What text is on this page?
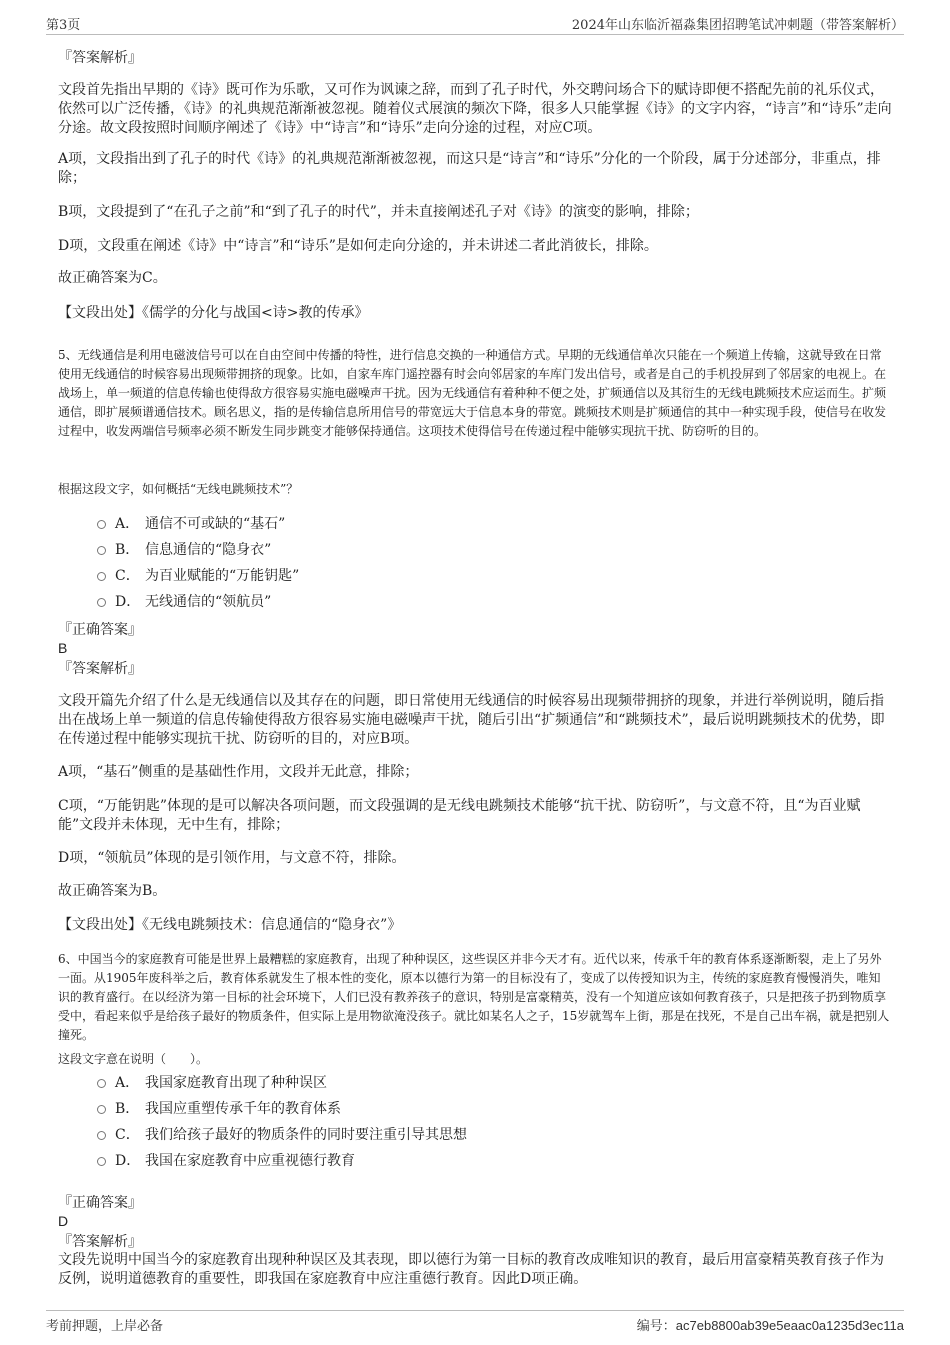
第3页	2024年山东临沂福淼集团招聘笔试冲刺题（带答案解析）
『答案解析』
文段首先指出早期的《诗》既可作为乐歌，又可作为讽谏之辞，而到了孔子时代，外交聘问场合下的赋诗即便不搭配先前的礼乐仪式，依然可以广泛传播，《诗》的礼典规范渐渐被忽视。随着仪式展演的频次下降，很多人只能掌握《诗》的文字内容，“诗言”和“诗乐”走向分途。故文段按照时间顺序阐述了《诗》中“诗言”和“诗乐”走向分途的过程，对应C项。
A项，文段指出到了孔子的时代《诗》的礼典规范渐渐被忽视，而这只是“诗言”和“诗乐”分化的一个阶段，属于分述部分，非重点，排除；
B项，文段提到了“在孔子之前”和“到了孔子的时代”，并未直接阐述孔子对《诗》的演变的影响，排除；
D项，文段重在阐述《诗》中“诗言”和“诗乐”是如何走向分途的，并未讲述二者此消彼长，排除。
故正确答案为C。
【文段出处】《儒学的分化与战国<诗>教的传承》
5、无线通信是利用电磁波信号可以在自由空间中传播的特性，进行信息交换的一种通信方式。早期的无线通信单次只能在一个频道上传输，这就导致在日常使用无线通信的时候容易出现频带拥挤的现象。比如，自家车库门遥控器有时会向邻居家的车库门发出信号，或者是自己的手机投屏到了邻居家的电视上。在战场上，单一频道的信息传输也使得敌方很容易实施电磁噪声干扰。因为无线通信有着种种不便之处，扩频通信以及其衍生的无线电跳频技术应运而生。扩频通信，即扩展频谱通信技术。顾名思义，指的是传输信息所用信号的带宽远大于信息本身的带宽。跳频技术则是扩频通信的其中一种实现手段，使信号在收发过程中，收发两端信号频率必须不断发生同步跳变才能够保持通信。这项技术使得信号在传递过程中能够实现抗干扰、防窃听的目的。
根据这段文字，如何概括“无线电跳频技术”？
A． 通信不可或缺的“基石”
B． 信息通信的“隐身衣”
C． 为百业赋能的“万能钥匙”
D． 无线通信的“领航员”
『正确答案』
B
『答案解析』
文段开篇先介绍了什么是无线通信以及其存在的问题，即日常使用无线通信的时候容易出现频带拥挤的现象，并进行举例说明，随后指出在战场上单一频道的信息传输使得敌方很容易实施电磁噪声干扰，随后引出“扩频通信”和“跳频技术”，最后说明跳频技术的优势，即在传递过程中能够实现抗干扰、防窃听的目的，对应B项。
A项，“基石”侧重的是基础性作用，文段并无此意，排除；
C项，“万能钥匙”体现的是可以解决各项问题，而文段强调的是无线电跳频技术能够“抗干扰、防窃听”，与文意不符，且“为百业赋能”文段并未体现，无中生有，排除；
D项，“领航员”体现的是引领作用，与文意不符，排除。
故正确答案为B。
【文段出处】《无线电跳频技术：信息通信的“隐身衣”》
6、中国当今的家庭教育可能是世界上最糟糕的家庭教育，出现了种种误区，这些误区并非今天才有。近代以来，传承千年的教育体系逐渐断裂，走上了另外一面。从1905年废科举之后，教育体系就发生了根本性的变化，原本以德行为第一的目标没有了，变成了以传授知识为主，传统的家庭教育慢慢消失，唯知识的教育盛行。在以经济为第一目标的社会环境下，人们已没有教养孩子的意识，特别是富豪精英，没有一个知道应该如何教育孩子，只是把孩子扔到物质享受中，看起来似乎是给孩子最好的物质条件，但实际上是用物欲淹没孩子。就比如某名人之子，15岁就驾车上街，那是在找死，不是自己出车祸，就是把别人撞死。
这段文字意在说明（　　）。
A． 我国家庭教育出现了种种误区
B． 我国应重塑传承千年的教育体系
C． 我们给孩子最好的物质条件的同时要注重引导其思想
D． 我国在家庭教育中应重视德行教育
『正确答案』
D
『答案解析』
文段先说明中国当今的家庭教育出现种种误区及其表现，即以德行为第一目标的教育改成唯知识的教育，最后用富豪精英教育孩子作为反例，说明道德教育的重要性，即我国在家庭教育中应注重德行教育。因此D项正确。
考前押题，上岸必备	编号：ac7eb8800ab39e5eaac0a1235d3ec11a
